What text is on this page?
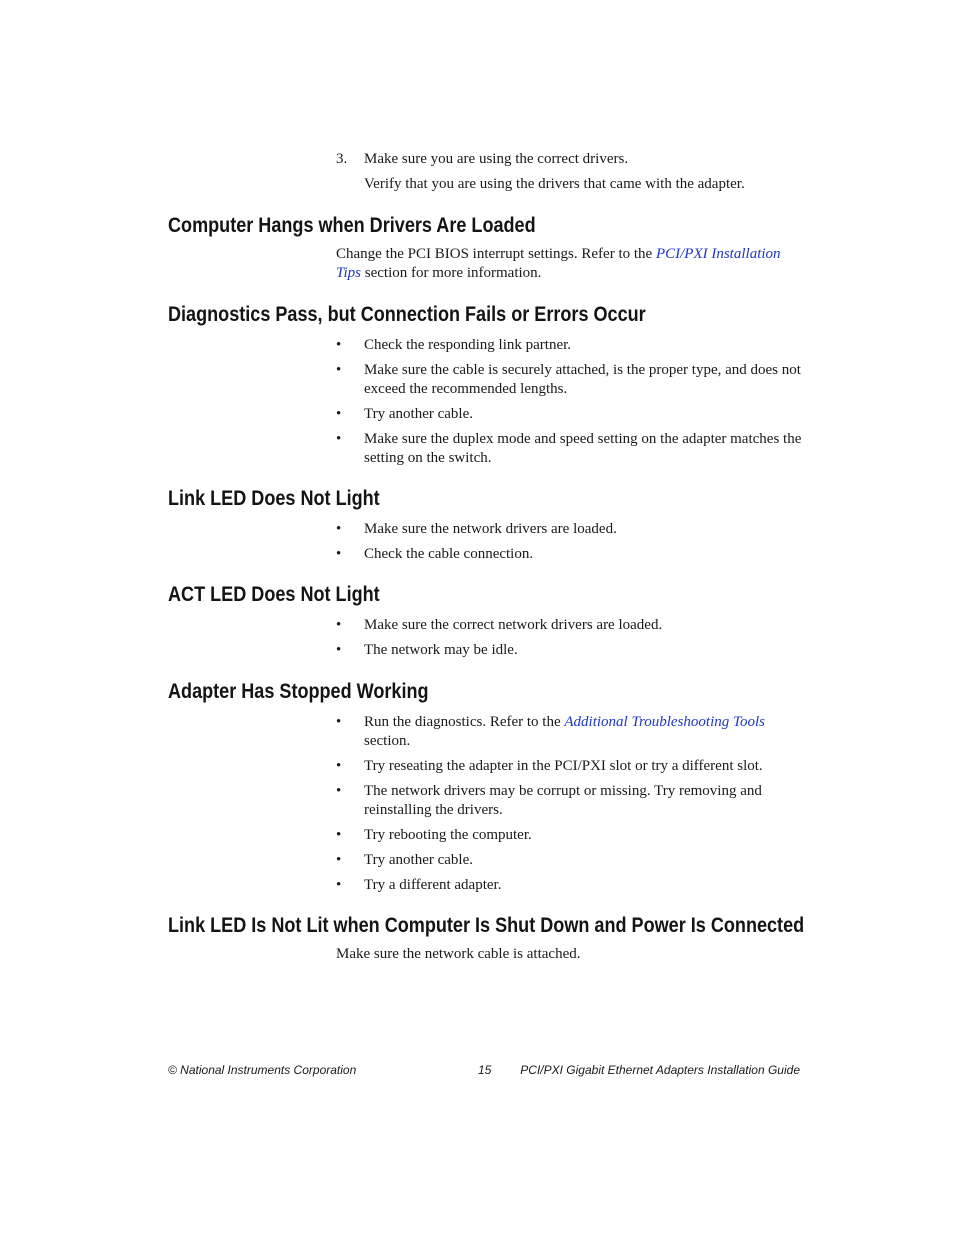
3. Make sure you are using the correct drivers.

Verify that you are using the drivers that came with the adapter.

Computer Hangs when Drivers Are Loaded

Change the PCI BIOS interrupt settings. Refer to the PCI/PXI Installation Tips section for more information.

Diagnostics Pass, but Connection Fails or Errors Occur
• Check the responding link partner.
• Make sure the cable is securely attached, is the proper type, and does not exceed the recommended lengths.
• Try another cable.
• Make sure the duplex mode and speed setting on the adapter matches the setting on the switch.
Link LED Does Not Light
• Make sure the network drivers are loaded.
• Check the cable connection.
ACT LED Does Not Light
• Make sure the correct network drivers are loaded.
• The network may be idle.
Adapter Has Stopped Working
• Run the diagnostics. Refer to the Additional Troubleshooting Tools section.
• Try reseating the adapter in the PCI/PXI slot or try a different slot.
• The network drivers may be corrupt or missing. Try removing and reinstalling the drivers.
• Try rebooting the computer.
• Try another cable.
• Try a different adapter.
Link LED Is Not Lit when Computer Is Shut Down and Power Is Connected

Make sure the network cable is attached.

© National Instruments Corporation	15 PCI/PXI Gigabit Ethernet Adapters Installation Guide
